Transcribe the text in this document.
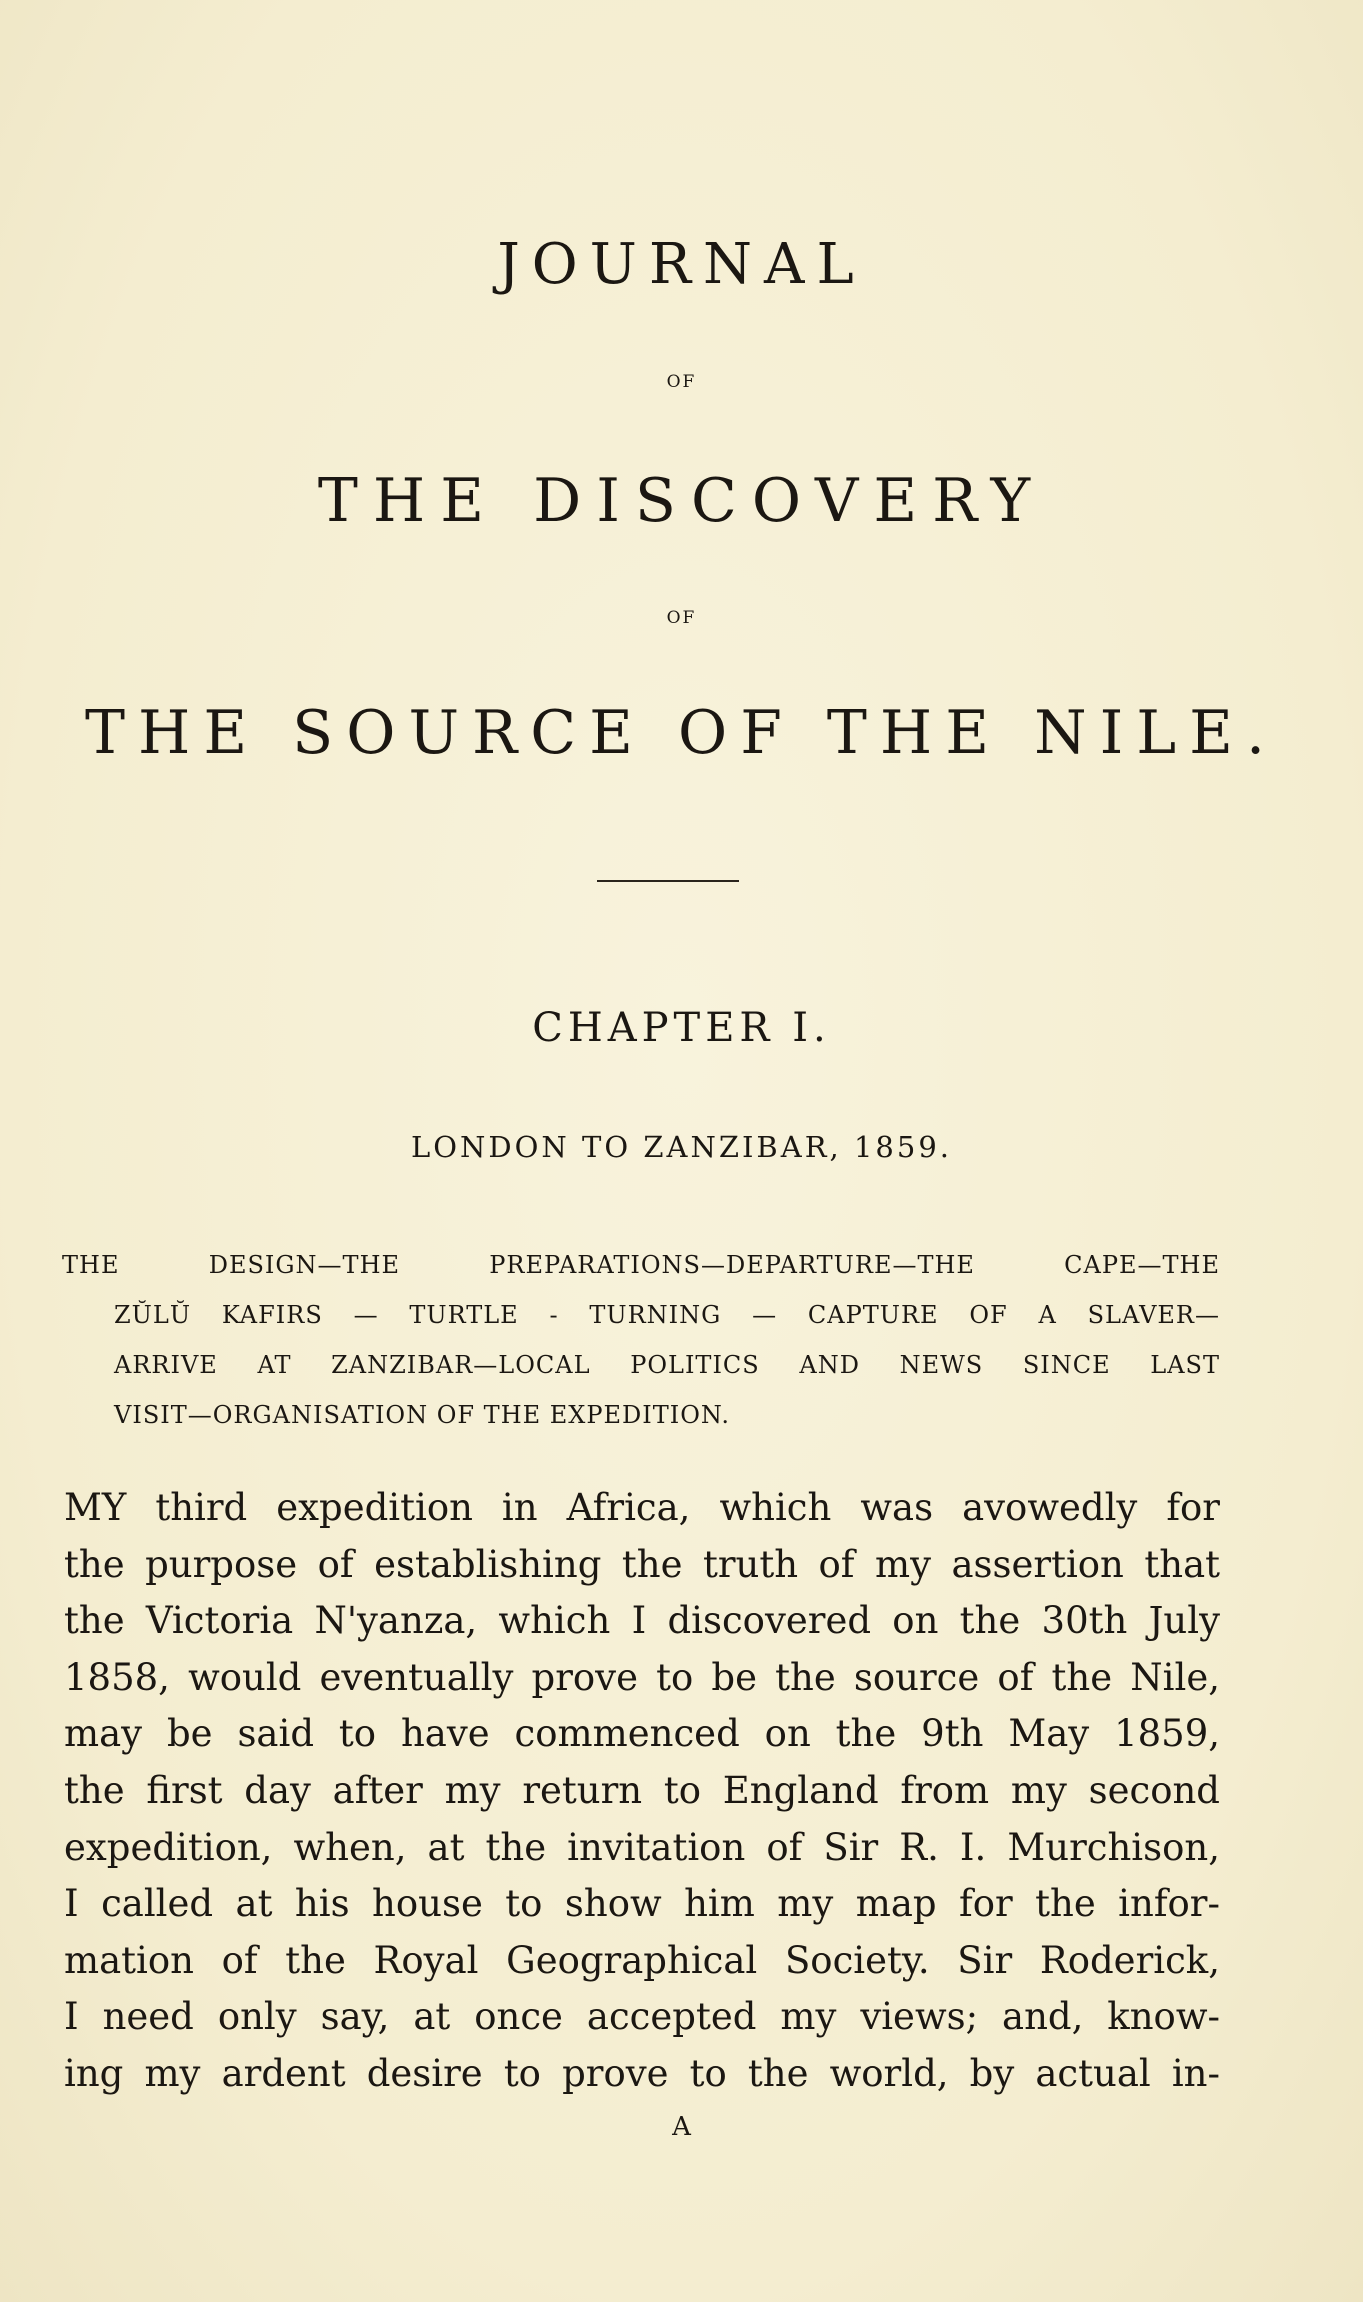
JOURNAL
OF
THE DISCOVERY
OF
THE SOURCE OF THE NILE.
CHAPTER I.
LONDON TO ZANZIBAR, 1859.
THE DESIGN—THE PREPARATIONS—DEPARTURE—THE CAPE—THE
ZŬLŬ KAFIRS — TURTLE - TURNING — CAPTURE OF A SLAVER—
ARRIVE AT ZANZIBAR—LOCAL POLITICS AND NEWS SINCE LAST
VISIT—ORGANISATION OF THE EXPEDITION.
MY third expedition in Africa, which was avowedly for
the purpose of establishing the truth of my assertion that
the Victoria N'yanza, which I discovered on the 30th July
1858, would eventually prove to be the source of the Nile,
may be said to have commenced on the 9th May 1859,
the first day after my return to England from my second
expedition, when, at the invitation of Sir R. I. Murchison,
I called at his house to show him my map for the infor-
mation of the Royal Geographical Society. Sir Roderick,
I need only say, at once accepted my views; and, know-
ing my ardent desire to prove to the world, by actual in-
A
